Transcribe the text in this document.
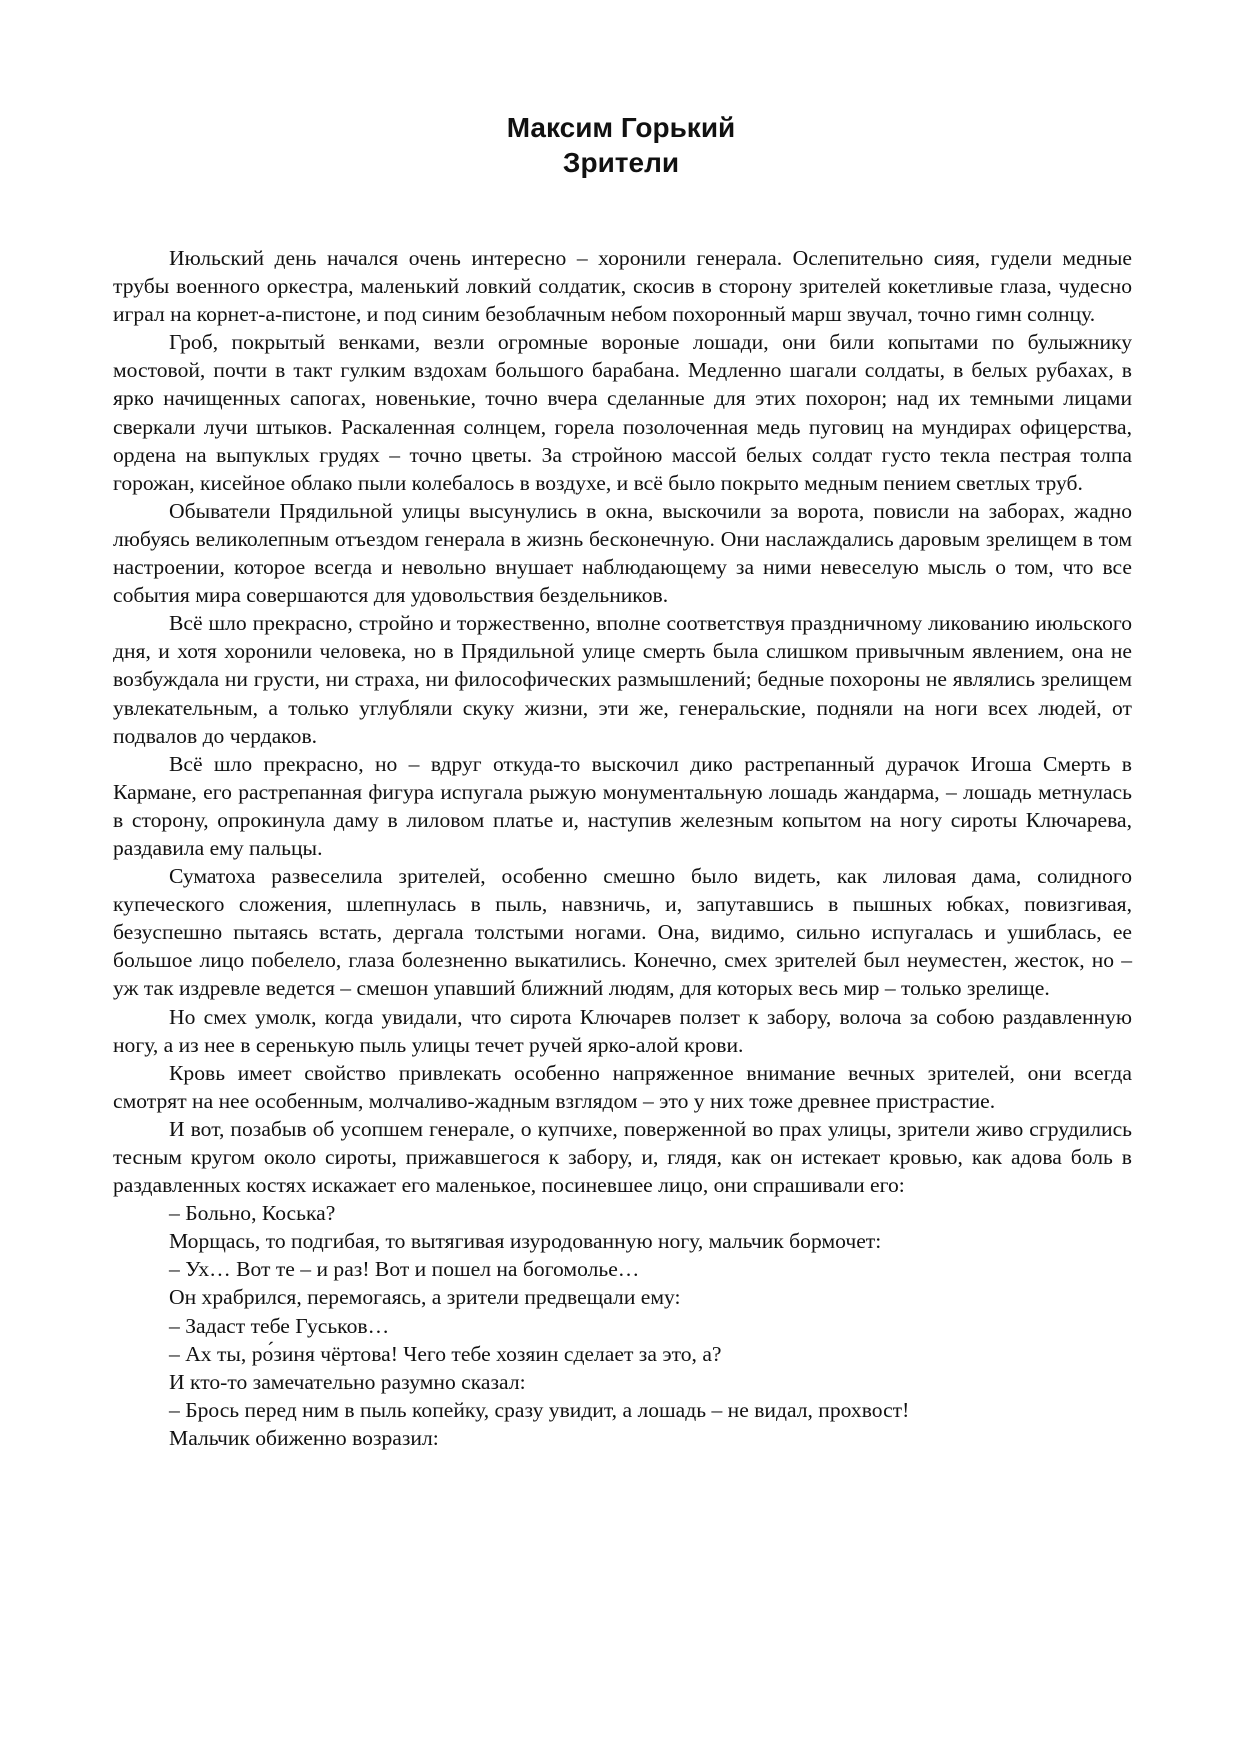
Максим Горький
Зрители

Июльский день начался очень интересно – хоронили генерала. Ослепительно сияя, гудели медные трубы военного оркестра, маленький ловкий солдатик, скосив в сторону зрителей кокетливые глаза, чудесно играл на корнет-а-пистоне, и под синим безоблачным небом похоронный марш звучал, точно гимн солнцу.

Гроб, покрытый венками, везли огромные вороные лошади, они били копытами по булыжнику мостовой, почти в такт гулким вздохам большого барабана. Медленно шагали солдаты, в белых рубахах, в ярко начищенных сапогах, новенькие, точно вчера сделанные для этих похорон; над их темными лицами сверкали лучи штыков. Раскаленная солнцем, горела позолоченная медь пуговиц на мундирах офицерства, ордена на выпуклых грудях – точно цветы. За стройною массой белых солдат густо текла пестрая толпа горожан, кисейное облако пыли колебалось в воздухе, и всё было покрыто медным пением светлых труб.

Обыватели Прядильной улицы высунулись в окна, выскочили за ворота, повисли на заборах, жадно любуясь великолепным отъездом генерала в жизнь бесконечную. Они наслаждались даровым зрелищем в том настроении, которое всегда и невольно внушает наблюдающему за ними невеселую мысль о том, что все события мира совершаются для удовольствия бездельников.

Всё шло прекрасно, стройно и торжественно, вполне соответствуя праздничному ликованию июльского дня, и хотя хоронили человека, но в Прядильной улице смерть была слишком привычным явлением, она не возбуждала ни грусти, ни страха, ни философических размышлений; бедные похороны не являлись зрелищем увлекательным, а только углубляли скуку жизни, эти же, генеральские, подняли на ноги всех людей, от подвалов до чердаков.

Всё шло прекрасно, но – вдруг откуда-то выскочил дико растрепанный дурачок Игоша Смерть в Кармане, его растрепанная фигура испугала рыжую монументальную лошадь жандарма, – лошадь метнулась в сторону, опрокинула даму в лиловом платье и, наступив железным копытом на ногу сироты Ключарева, раздавила ему пальцы.

Суматоха развеселила зрителей, особенно смешно было видеть, как лиловая дама, солидного купеческого сложения, шлепнулась в пыль, навзничь, и, запутавшись в пышных юбках, повизгивая, безуспешно пытаясь встать, дергала толстыми ногами. Она, видимо, сильно испугалась и ушиблась, ее большое лицо побелело, глаза болезненно выкатились. Конечно, смех зрителей был неуместен, жесток, но – уж так издревле ведется – смешон упавший ближний людям, для которых весь мир – только зрелище.

Но смех умолк, когда увидали, что сирота Ключарев ползет к забору, волоча за собою раздавленную ногу, а из нее в серенькую пыль улицы течет ручей ярко-алой крови.

Кровь имеет свойство привлекать особенно напряженное внимание вечных зрителей, они всегда смотрят на нее особенным, молчаливо-жадным взглядом – это у них тоже древнее пристрастие.

И вот, позабыв об усопшем генерале, о купчихе, поверженной во прах улицы, зрители живо сгрудились тесным кругом около сироты, прижавшегося к забору, и, глядя, как он истекает кровью, как адова боль в раздавленных костях искажает его маленькое, посиневшее лицо, они спрашивали его:

– Больно, Коська?

Морщась, то подгибая, то вытягивая изуродованную ногу, мальчик бормочет:

– Ух… Вот те – и раз! Вот и пошел на богомолье…

Он храбрился, перемогаясь, а зрители предвещали ему:

– Задаст тебе Гуськов…

– Ах ты, ро́зиня чёртова! Чего тебе хозяин сделает за это, а?

И кто-то замечательно разумно сказал:

– Брось перед ним в пыль копейку, сразу увидит, а лошадь – не видал, прохвост!

Мальчик обиженно возразил:
